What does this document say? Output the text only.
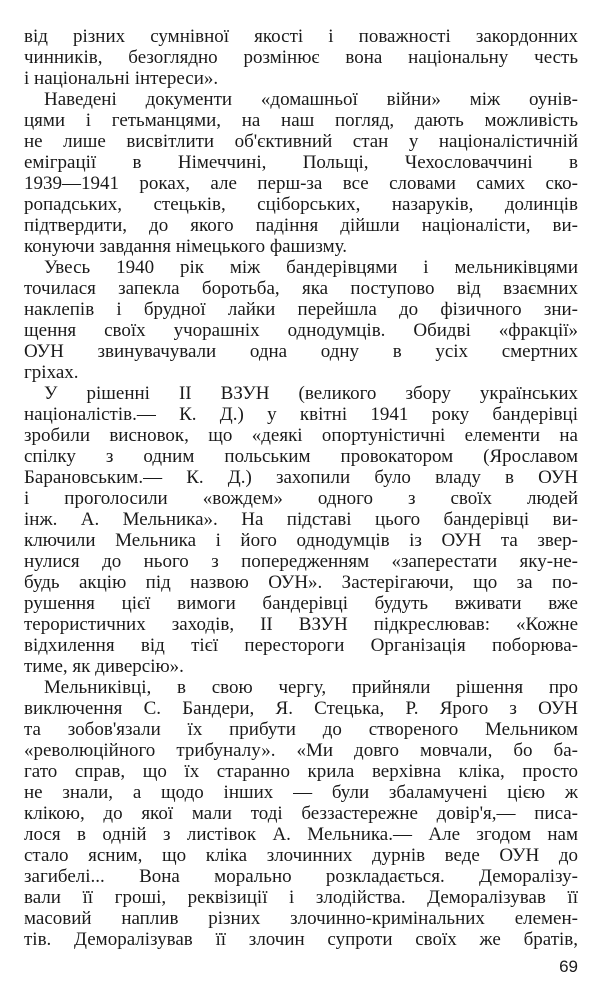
від різних сумнівної якості і поважності закордонних
чинників, безоглядно розмінює вона національну честь
і національні інтереси».
Наведені документи «домашньої війни» між оунів-
цями і гетьманцями, на наш погляд, дають можливість
не лише висвітлити об'єктивний стан у націоналістичній
еміграції в Німеччині, Польщі, Чехословаччині в
1939—1941 роках, але перш-за все словами самих ско-
ропадських, стецьків, сціборських, назаруків, долинців
підтвердити, до якого падіння дійшли націоналісти, ви-
конуючи завдання німецького фашизму.
Увесь 1940 рік між бандерівцями і мельниківцями
точилася запекла боротьба, яка поступово від взаємних
наклепів і брудної лайки перейшла до фізичного зни-
щення своїх учорашніх однодумців. Обидві «фракції»
ОУН звинувачували одна одну в усіх смертних
гріхах.
У рішенні II ВЗУН (великого збору українських
націоналістів.— К. Д.) у квітні 1941 року бандерівці
зробили висновок, що «деякі опортуністичні елементи на
спілку з одним польським провокатором (Ярославом
Барановським.— К. Д.) захопили було владу в ОУН
і проголосили «вождем» одного з своїх людей
інж. А. Мельника». На підставі цього бандерівці ви-
ключили Мельника і його однодумців із ОУН та звер-
нулися до нього з попередженням «заперестати яку-не-
будь акцію під назвою ОУН». Застерігаючи, що за по-
рушення цієї вимоги бандерівці будуть вживати вже
терористичних заходів, II ВЗУН підкреслював: «Кожне
відхилення від тієї перестороги Організація поборюва-
тиме, як диверсію».
Мельниківці, в свою чергу, прийняли рішення про
виключення С. Бандери, Я. Стецька, Р. Ярого з ОУН
та зобов'язали їх прибути до створеного Мельником
«революційного трибуналу». «Ми довго мовчали, бо ба-
гато справ, що їх старанно крила верхівна кліка, просто
не знали, а щодо інших — були збаламучені цією ж
клікою, до якої мали тоді беззастережне довір'я,— писа-
лося в одній з листівок А. Мельника.— Але згодом нам
стало ясним, що кліка злочинних дурнів веде ОУН до
загибелі... Вона морально розкладається. Деморалізу-
вали її гроші, реквізиції і злодійства. Деморалізував її
масовий наплив різних злочинно-кримінальних елемен-
тів. Деморалізував її злочин супроти своїх же братів,
69
